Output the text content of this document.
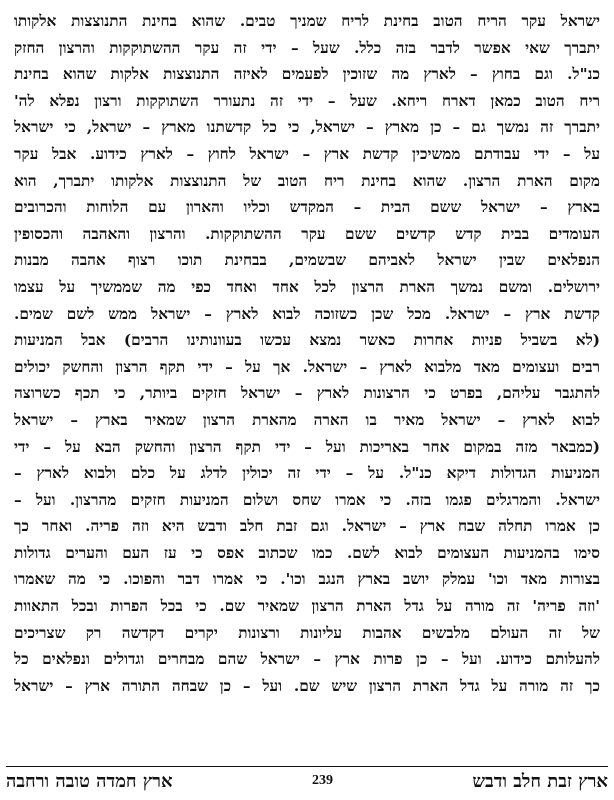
ישראל עקר הריח הטוב בחינת לריח שמניך טבים. שהוא בחינת התנוצצות אלקותו
יתברך שאי אפשר לדבר בזה כלל. שעל – ידי זה עקר ההשתוקקות והרצון החזק
כנ"ל. וגם בחוץ – לארץ מה שזוכין לפעמים לאיזה התנוצצות אלקות שהוא בחינת
ריח הטוב כמאן דארח ריחא. שעל – ידי זה נתעורר השתוקקות ורצון נפלא לה'
יתברך זה נמשך גם – כן מארץ – ישראל, כי כל קדשתנו מארץ – ישראל, כי ישראל
על – ידי עבודתם ממשיכין קדשת ארץ – ישראל לחוץ – לארץ כידוע. אבל עקר
מקום הארת הרצון. שהוא בחינת ריח הטוב של התנוצצות אלקותו יתברך, הוא
בארץ – ישראל ששם הבית – המקדש וכליו והארון עם הלוחות והכרובים
העומדים בבית קדש קדשים ששם עקר ההשתוקקות. והרצון והאהבה והכסופין
הנפלאים שבין ישראל לאביהם שבשמים, בבחינת תוכו רצוף אהבה מבנות
ירושלים. ומשם נמשך הארת הרצון לכל אחד ואחד כפי מה שממשיך על עצמו
קדשת ארץ – ישראל. מכל שכן כשזוכה לבוא לארץ – ישראל ממש לשם שמים.
(לא בשביל פניות אחרות כאשר נמצא עכשו בעוונותינו הרבים) אבל המניעות
רבים ועצומים מאד מלבוא לארץ – ישראל. אך על – ידי תקף הרצון והחשק יכולים
להתגבר עליהם, בפרט כי הרצונות לארץ – ישראל חזקים ביותר, כי תכף כשרוצה
לבוא לארץ – ישראל מאיר בו הארה מהארת הרצון שמאיר בארץ – ישראל
(כמבאר מזה במקום אחר באריכות ועל – ידי תקף הרצון והחשק הבא על – ידי
המניעות הגדולות דיקא כנ"ל. על – ידי זה יכולין לדלג על כלם ולבוא לארץ –
ישראל. והמרגלים פגמו בזה. כי אמרו שחס ושלום המניעות חזקים מהרצון. ועל –
כן אמרו תחלה שבח ארץ – ישראל. וגם זבת חלב ודבש היא וזה פריה. ואחר כך
סימו בהמניעות העצומים לבוא לשם. כמו שכתוב אפס כי עז העם והערים גדולות
בצורות מאד וכו' עמלק יושב בארץ הנגב וכו'. כי אמרו דבר והפוכו. כי מה שאמרו
'וזה פריה' זה מורה על גדל הארת הרצון שמאיר שם. כי בכל הפרות ובכל התאוות
של זה העולם מלבשים אהבות עליונות ורצונות יקרים דקדשה רק שצריכים
להעלותם כידוע. ועל – כן פרות ארץ – ישראל שהם מבחרים וגדולים ונפלאים כל
כך זה מורה על גדל הארת הרצון שיש שם. ועל – כן שבחה התורה ארץ – ישראל
ארץ זבת חלב ודבש
239
ארץ חמדה טובה ורחבה
